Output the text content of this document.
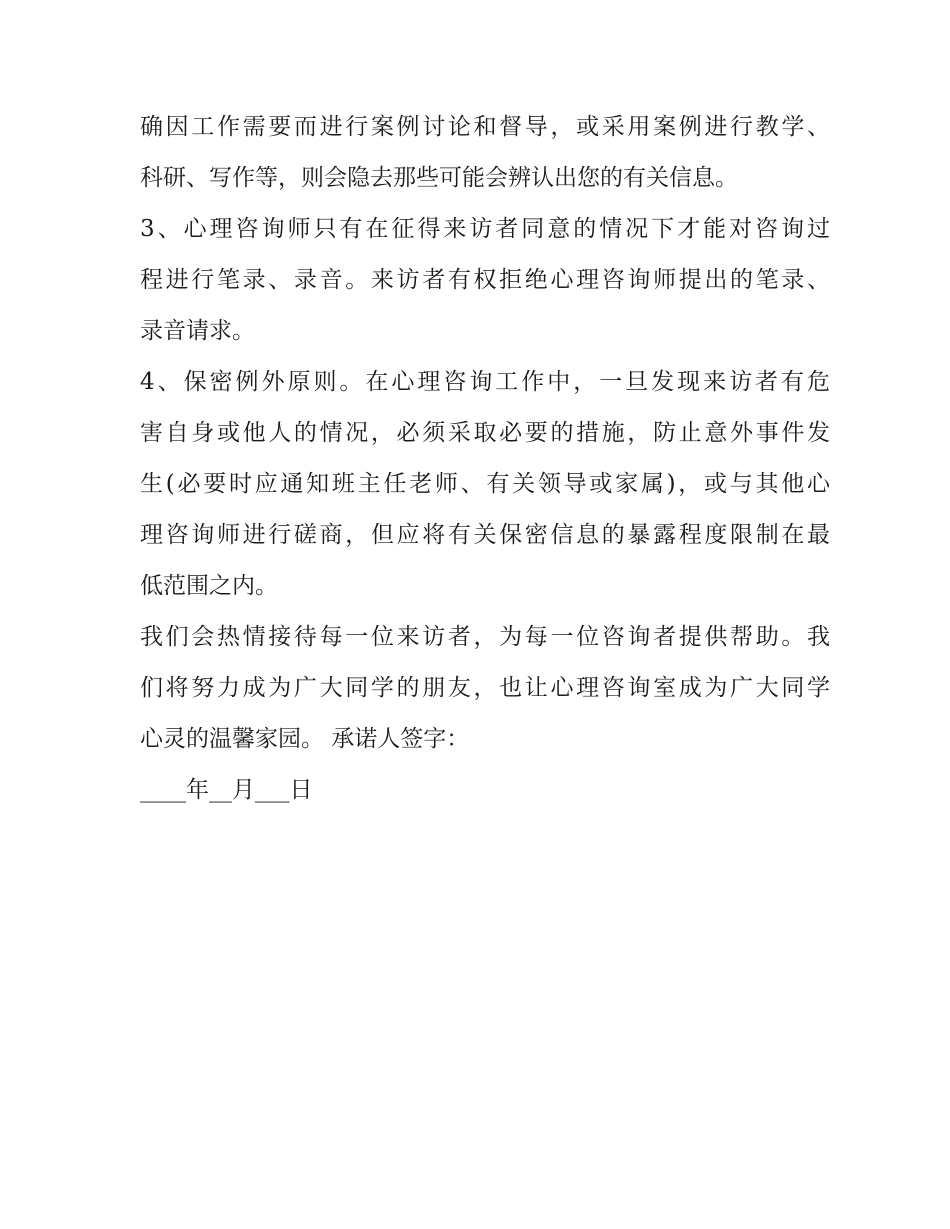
确因工作需要而进行案例讨论和督导，或采用案例进行教学、
科研、写作等，则会隐去那些可能会辨认出您的有关信息。

3、心理咨询师只有在征得来访者同意的情况下才能对咨询过
程进行笔录、录音。来访者有权拒绝心理咨询师提出的笔录、
录音请求。

4、保密例外原则。在心理咨询工作中，一旦发现来访者有危
害自身或他人的情况，必须采取必要的措施，防止意外事件发
生(必要时应通知班主任老师、有关领导或家属)，或与其他心
理咨询师进行磋商，但应将有关保密信息的暴露程度限制在最
低范围之内。

我们会热情接待每一位来访者，为每一位咨询者提供帮助。我
们将努力成为广大同学的朋友，也让心理咨询室成为广大同学
心灵的温馨家园。 承诺人签字：

____年__月___日
